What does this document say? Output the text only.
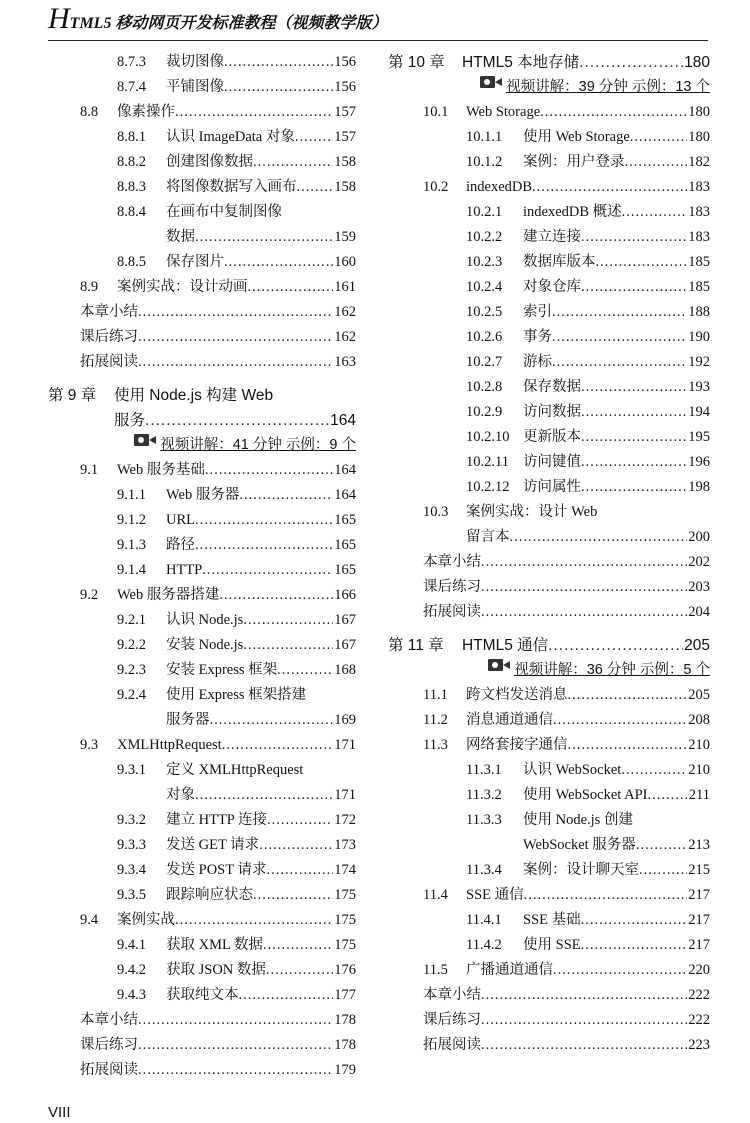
HTML5 移动网页开发标准教程（视频教学版）
8.7.3 裁切图像 .....	156
8.7.4 平铺图像 .....	156
8.8 像素操作 .....	157
8.8.1 认识 ImageData 对象 .....	157
8.8.2 创建图像数据 .....	158
8.8.3 将图像数据写入画布 .....	158
8.8.4 在画布中复制图像
数据 .....	159
8.8.5 保存图片 .....	160
8.9 案例实战：设计动画 .....	161
本章小结 .....	162
课后练习 .....	162
拓展阅读 .....	163
第 9 章 使用 Node.js 构建 Web
服务 .....	164
视频讲解：41 分钟 示例：9 个
9.1 Web 服务基础 .....	164
9.1.1 Web 服务器 .....	164
9.1.2 URL .....	165
9.1.3 路径 .....	165
9.1.4 HTTP .....	165
9.2 Web 服务器搭建 .....	166
9.2.1 认识 Node.js .....	167
9.2.2 安装 Node.js .....	167
9.2.3 安装 Express 框架 .....	168
9.2.4 使用 Express 框架搭建
服务器 .....	169
9.3 XMLHttpRequest .....	171
9.3.1 定义 XMLHttpRequest
对象 .....	171
9.3.2 建立 HTTP 连接 .....	172
9.3.3 发送 GET 请求 .....	173
9.3.4 发送 POST 请求 .....	174
9.3.5 跟踪响应状态 .....	175
9.4 案例实战 .....	175
9.4.1 获取 XML 数据 .....	175
9.4.2 获取 JSON 数据 .....	176
9.4.3 获取纯文本 .....	177
本章小结 .....	178
课后练习 .....	178
拓展阅读 .....	179
第 10 章 HTML5 本地存储 .....	180
视频讲解：39 分钟 示例：13 个
10.1 Web Storage .....	180
10.1.1 使用 Web Storage .....	180
10.1.2 案例：用户登录 .....	182
10.2 indexedDB .....	183
10.2.1 indexedDB 概述 .....	183
10.2.2 建立连接 .....	183
10.2.3 数据库版本 .....	185
10.2.4 对象仓库 .....	185
10.2.5 索引 .....	188
10.2.6 事务 .....	190
10.2.7 游标 .....	192
10.2.8 保存数据 .....	193
10.2.9 访问数据 .....	194
10.2.10 更新版本 .....	195
10.2.11 访问键值 .....	196
10.2.12 访问属性 .....	198
10.3 案例实战：设计 Web
留言本 .....	200
本章小结 .....	202
课后练习 .....	203
拓展阅读 .....	204
第 11 章 HTML5 通信 .....	205
视频讲解：36 分钟 示例：5 个
11.1 跨文档发送消息 .....	205
11.2 消息通道通信 .....	208
11.3 网络套接字通信 .....	210
11.3.1 认识 WebSocket .....	210
11.3.2 使用 WebSocket API .....	211
11.3.3 使用 Node.js 创建
WebSocket 服务器 .....	213
11.3.4 案例：设计聊天室 .....	215
11.4 SSE 通信 .....	217
11.4.1 SSE 基础 .....	217
11.4.2 使用 SSE .....	217
11.5 广播通道通信 .....	220
本章小结 .....	222
课后练习 .....	222
拓展阅读 .....	223
VIII
